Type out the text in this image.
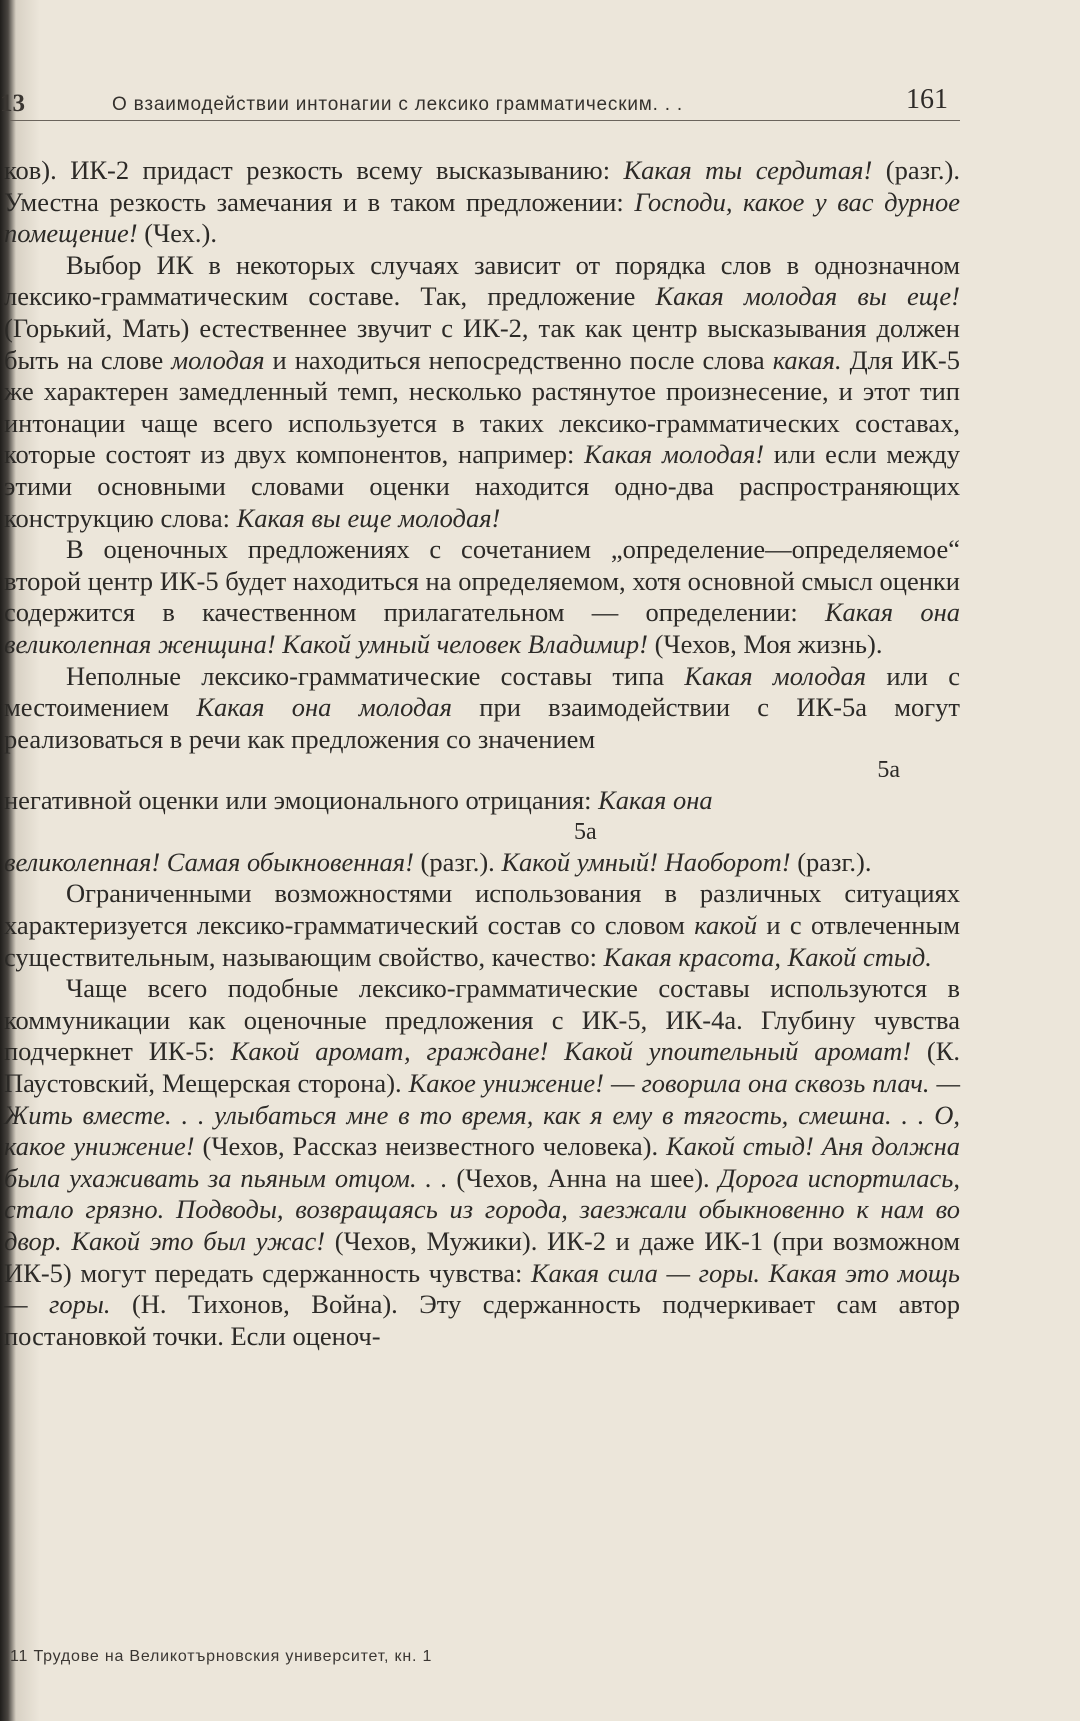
13	О взаимодействии интонагии с лексико грамматическим. . .	161

ков). ИК-2 придаст резкость всему высказыванию: Какая ты сердитая! (разг.). Уместна резкость замечания и в таком предложении: Господи, какое у вас дурное помещение! (Чех.).

Выбор ИК в некоторых случаях зависит от порядка слов в однозначном лексико-грамматическим составе. Так, предложение Какая молодая вы еще! (Горький, Мать) естественнее звучит с ИК-2, так как центр высказывания должен быть на слове молодая и находиться непосредственно после слова какая. Для ИК-5 же характерен замедленный темп, несколько растянутое произнесение, и этот тип интонации чаще всего используется в таких лексико-грамматических составах, которые состоят из двух компонентов, например: Какая молодая! или если между этими основными словами оценки находится одно-два распространяющих конструкцию слова: Какая вы еще молодая!

В оценочных предложениях с сочетанием „определение—определяемое“ второй центр ИК-5 будет находиться на определяемом, хотя основной смысл оценки содержится в качественном прилагательном — определении: Какая она великолепная женщина! Какой умный человек Владимир! (Чехов, Моя жизнь).

Неполные лексико-грамматические составы типа Какая молодая или с местоимением Какая она молодая при взаимодействии с ИК-5а могут реализоваться в речи как предложения со значением

5а

негативной оценки или эмоционального отрицания: Какая она

5а

великолепная! Самая обыкновенная! (разг.). Какой умный! Наоборот! (разг.).

Ограниченными возможностями использования в различных ситуациях характеризуется лексико-грамматический состав со словом какой и с отвлеченным существительным, называющим свойство, качество: Какая красота, Какой стыд.

Чаще всего подобные лексико-грамматические составы используются в коммуникации как оценочные предложения с ИК-5, ИК-4а. Глубину чувства подчеркнет ИК-5: Какой аромат, граждане! Какой упоительный аромат! (К. Паустовский, Мещерская сторона). Какое унижение! — говорила она сквозь плач. — Жить вместе. . . улыбаться мне в то время, как я ему в тягость, смешна. . . О, какое унижение! (Чехов, Рассказ неизвестного человека). Какой стыд! Аня должна была ухаживать за пьяным отцом. . . (Чехов, Анна на шее). Дорога испортилась, стало грязно. Подводы, возвращаясь из города, заезжали обыкновенно к нам во двор. Какой это был ужас! (Чехов, Мужики). ИК-2 и даже ИК-1 (при возможном ИК-5) могут передать сдержанность чувства: Какая сила — горы. Какая это мощь — горы. (Н. Тихонов, Война). Эту сдержанность подчеркивает сам автор постановкой точки. Если оценоч-

11 Трудове на Великотърновския университет, кн. 1
